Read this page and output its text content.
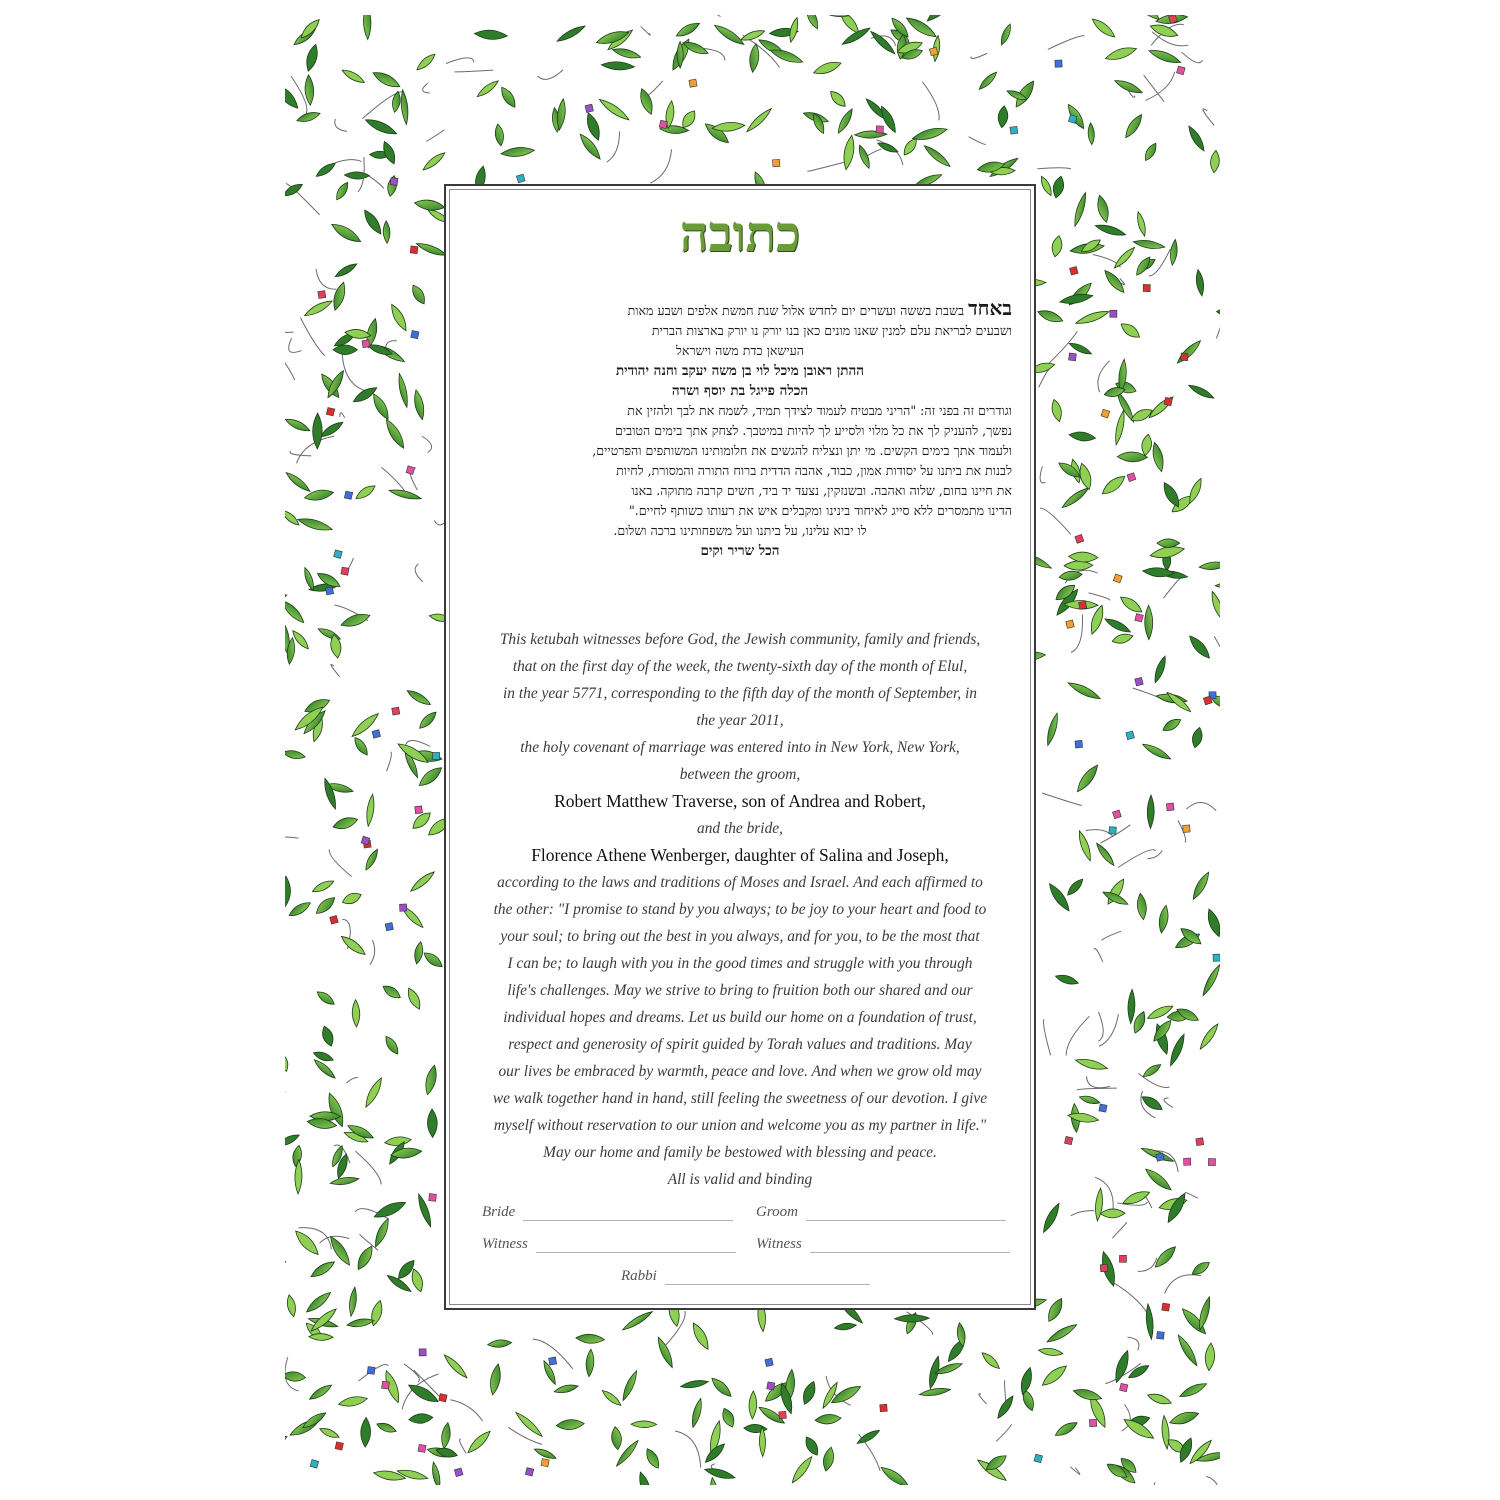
כתובה
באחד בשבת בששה ועשרים יום לחדש אלול שנת חמשת אלפים ושבע מאות
ושבעים לבריאת עלם למנין שאנו מונים כאן בנו יורק נו יורק בארצות הברית
העישאן כדת משה וישראל
ההתן ראובן מיכל לוי בן משה יעקב וחנה יהודית
הכלה פייגל בת יוסף ושרה
וגודרים זה בפני זה: "הריני מבטיח לעמוד לצידך תמיד, לשמח את לבך ולהזין את
נפשך, להעניק לך את כל מלוי ולסייע לך להיות במיטבך. לצחק אתך בימים הטובים
ולעמוד אתך בימים הקשים. מי יתן ונצליח להגשים את חלומותינו המשותפים והפרטיים,
לבנות את ביתנו על יסודות אמון, כבוד, אהבה הדדית ברוח התורה והמסורת, לחיות
את חיינו בחום, שלוה ואהבה. ובשנזקין, נצעד יד ביד, חשים קרבה מתוקה. באנו
הדינו מתמסרים ללא סייג לאיחוד בינינו ומקבלים איש את רעותו כשותף לחיים."
לו יבוא עלינו, על ביתנו ועל משפחותינו ברכה ושלום.
הכל שריר וקים
This ketubah witnesses before God, the Jewish community, family and friends,
that on the first day of the week, the twenty-sixth day of the month of Elul,
in the year 5771, corresponding to the fifth day of the month of September, in
the year 2011,
the holy covenant of marriage was entered into in New York, New York,
between the groom,
Robert Matthew Traverse, son of Andrea and Robert,
and the bride,
Florence Athene Wenberger, daughter of Salina and Joseph,
according to the laws and traditions of Moses and Israel. And each affirmed to
the other: "I promise to stand by you always; to be joy to your heart and food to
your soul; to bring out the best in you always, and for you, to be the most that
I can be; to laugh with you in the good times and struggle with you through
life's challenges. May we strive to bring to fruition both our shared and our
individual hopes and dreams. Let us build our home on a foundation of trust,
respect and generosity of spirit guided by Torah values and traditions. May
our lives be embraced by warmth, peace and love. And when we grow old may
we walk together hand in hand, still feeling the sweetness of our devotion. I give
myself without reservation to our union and welcome you as my partner in life."
May our home and family be bestowed with blessing and peace.
All is valid and binding
Bride	Groom
Witness	Witness
Rabbi
